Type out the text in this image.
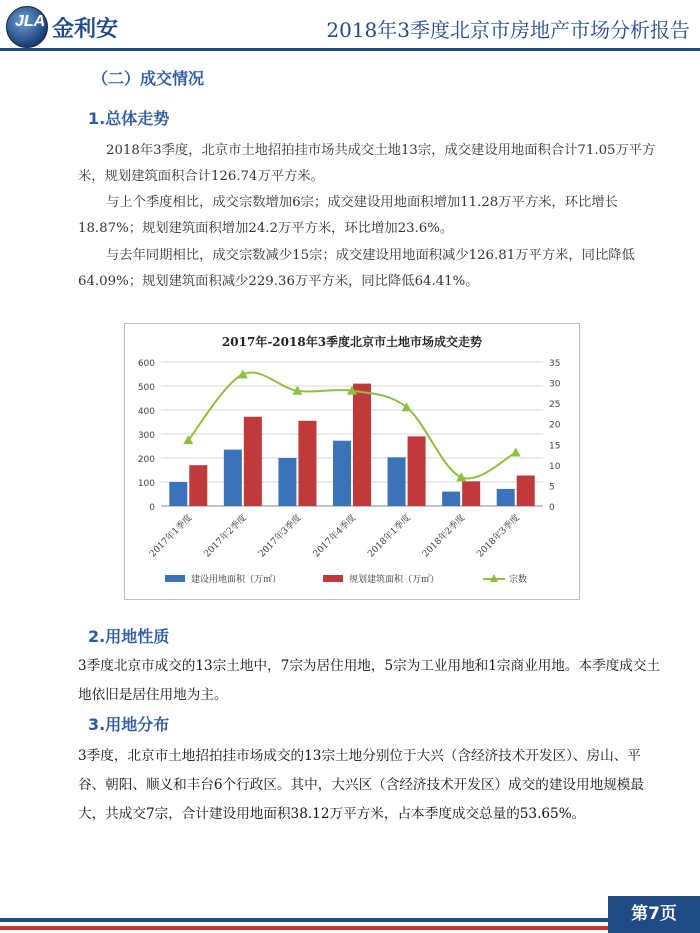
JLA 金利安	2018年3季度北京市房地产市场分析报告
（二）成交情况
1.总体走势
2018年3季度，北京市土地招拍挂市场共成交土地13宗，成交建设用地面积合计71.05万平方米，规划建筑面积合计126.74万平方米。
与上个季度相比，成交宗数增加6宗；成交建设用地面积增加11.28万平方米，环比增长18.87%；规划建筑面积增加24.2万平方米，环比增加23.6%。
与去年同期相比，成交宗数减少15宗；成交建设用地面积减少126.81万平方米，同比降低64.09%；规划建筑面积减少229.36万平方米，同比降低64.41%。
2017年-2018年3季度北京市土地市场成交走势
0
100
200
300
400
500
600
0
5
10
15
20
25
30
35
2017年1季度 2017年2季度 2017年3季度 2017年4季度 2018年1季度 2018年2季度 2018年3季度
建设用地面积（万㎡）	规划建筑面积（万㎡）	宗数
2.用地性质
3季度北京市成交的13宗土地中，7宗为居住用地，5宗为工业用地和1宗商业用地。本季度成交土地依旧是居住用地为主。
3.用地分布
3季度，北京市土地招拍挂市场成交的13宗土地分别位于大兴（含经济技术开发区）、房山、平谷、朝阳、顺义和丰台6个行政区。其中，大兴区（含经济技术开发区）成交的建设用地规模最大，共成交7宗，合计建设用地面积38.12万平方米，占本季度成交总量的53.65%。
第7页
